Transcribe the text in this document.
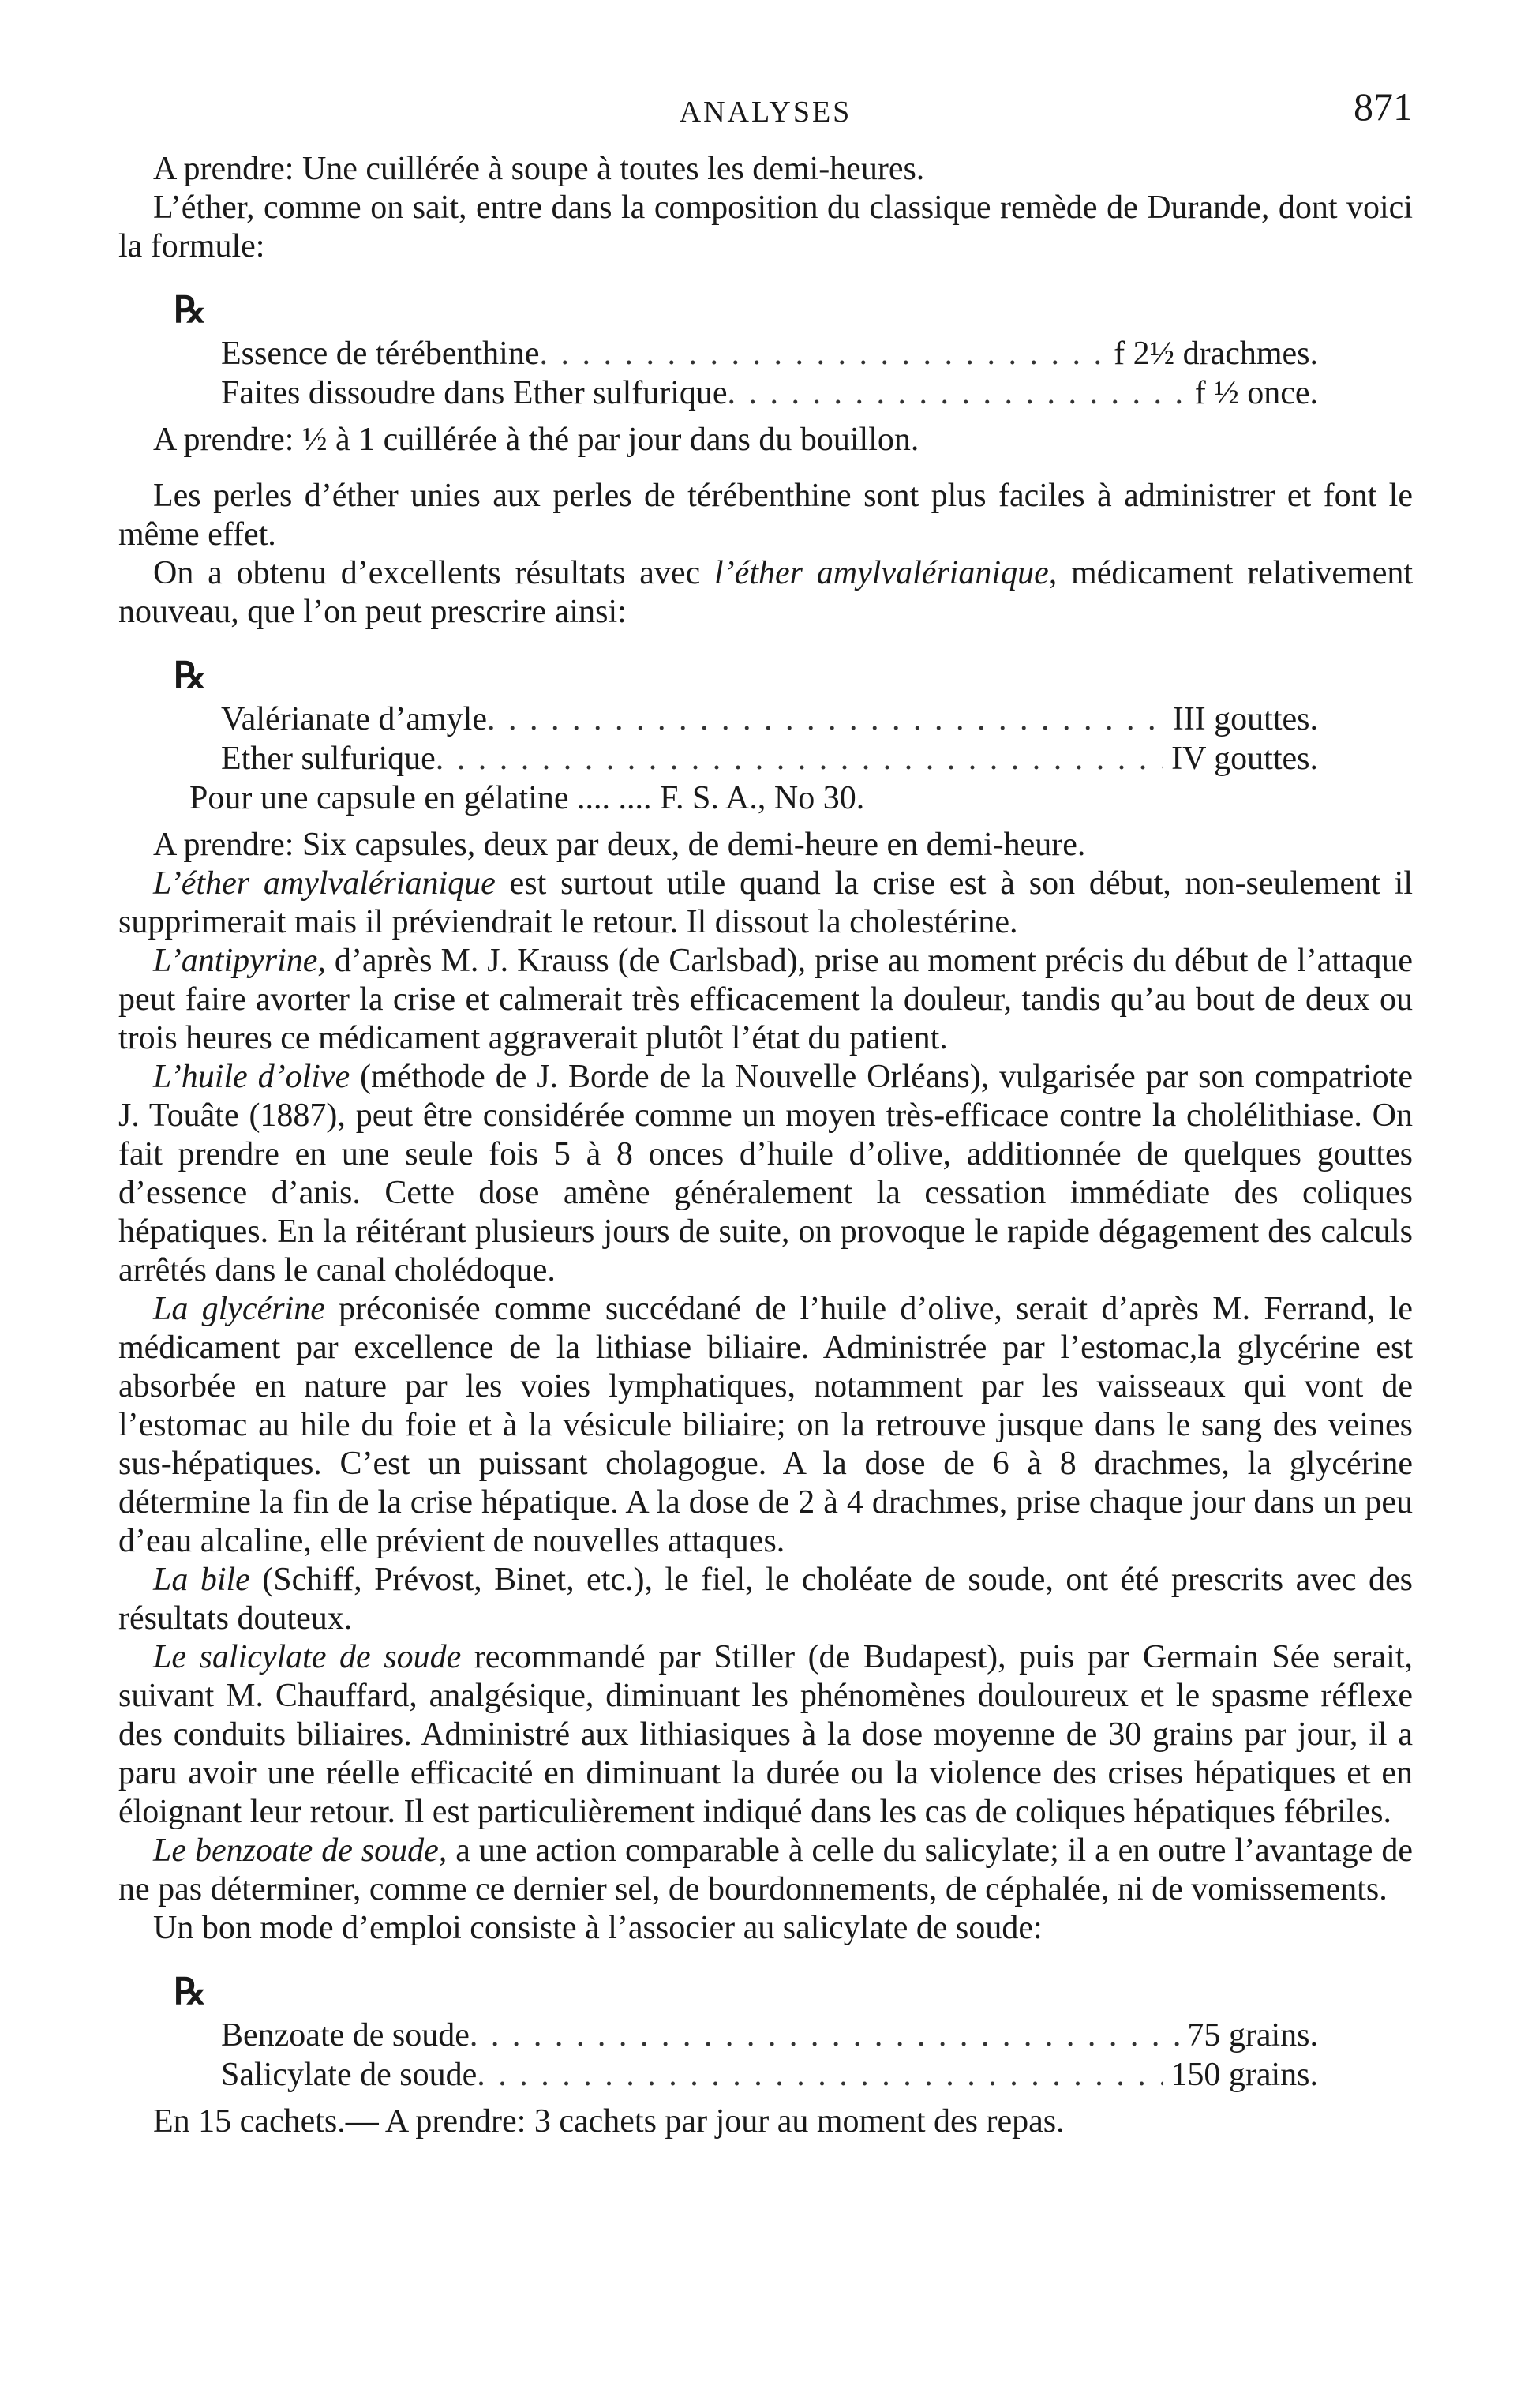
ANALYSES	871

A prendre: Une cuillérée à soupe à toutes les demi-heures.

L’éther, comme on sait, entre dans la composition du classique remède de Durande, dont voici la formule:

℞
Essence de térébenthine . . .	f 2½ drachmes.
Faites dissoudre dans Ether sulfurique . . .	f ½ once.

A prendre: ½ à 1 cuillérée à thé par jour dans du bouillon.

Les perles d’éther unies aux perles de térébenthine sont plus faciles à administrer et font le même effet.

On a obtenu d’excellents résultats avec l’éther amylvalérianique, médicament relativement nouveau, que l’on peut prescrire ainsi:

℞
Valérianate d’amyle . . .	III gouttes.
Ether sulfurique . . .	IV gouttes.
Pour une capsule en gélatine .... .... F. S. A., No 30.

A prendre: Six capsules, deux par deux, de demi-heure en demi-heure.

L’éther amylvalérianique est surtout utile quand la crise est à son début, non-seulement il supprimerait mais il préviendrait le retour. Il dissout la cholestérine.

L’antipyrine, d’après M. J. Krauss (de Carlsbad), prise au moment précis du début de l’attaque peut faire avorter la crise et calmerait très efficacement la douleur, tandis qu’au bout de deux ou trois heures ce médicament aggraverait plutôt l’état du patient.

L’huile d’olive (méthode de J. Borde de la Nouvelle Orléans), vulgarisée par son compatriote J. Touâte (1887), peut être considérée comme un moyen très-efficace contre la cholélithiase. On fait prendre en une seule fois 5 à 8 onces d’huile d’olive, additionnée de quelques gouttes d’essence d’anis. Cette dose amène généralement la cessation immédiate des coliques hépatiques. En la réitérant plusieurs jours de suite, on provoque le rapide dégagement des calculs arrêtés dans le canal cholédoque.

La glycérine préconisée comme succédané de l’huile d’olive, serait d’après M. Ferrand, le médicament par excellence de la lithiase biliaire. Administrée par l’estomac,la glycérine est absorbée en nature par les voies lymphatiques, notamment par les vaisseaux qui vont de l’estomac au hile du foie et à la vésicule biliaire; on la retrouve jusque dans le sang des veines sus-hépatiques. C’est un puissant cholagogue. A la dose de 6 à 8 drachmes, la glycérine détermine la fin de la crise hépatique. A la dose de 2 à 4 drachmes, prise chaque jour dans un peu d’eau alcaline, elle prévient de nouvelles attaques.

La bile (Schiff, Prévost, Binet, etc.), le fiel, le choléate de soude, ont été prescrits avec des résultats douteux.

Le salicylate de soude recommandé par Stiller (de Budapest), puis par Germain Sée serait, suivant M. Chauffard, analgésique, diminuant les phénomènes douloureux et le spasme réflexe des conduits biliaires. Administré aux lithiasiques à la dose moyenne de 30 grains par jour, il a paru avoir une réelle efficacité en diminuant la durée ou la violence des crises hépatiques et en éloignant leur retour. Il est particulièrement indiqué dans les cas de coliques hépatiques fébriles.

Le benzoate de soude, a une action comparable à celle du salicylate; il a en outre l’avantage de ne pas déterminer, comme ce dernier sel, de bourdonnements, de céphalée, ni de vomissements.

Un bon mode d’emploi consiste à l’associer au salicylate de soude:

℞
Benzoate de soude . . .	75 grains.
Salicylate de soude . . .	150 grains.

En 15 cachets.— A prendre: 3 cachets par jour au moment des repas.
